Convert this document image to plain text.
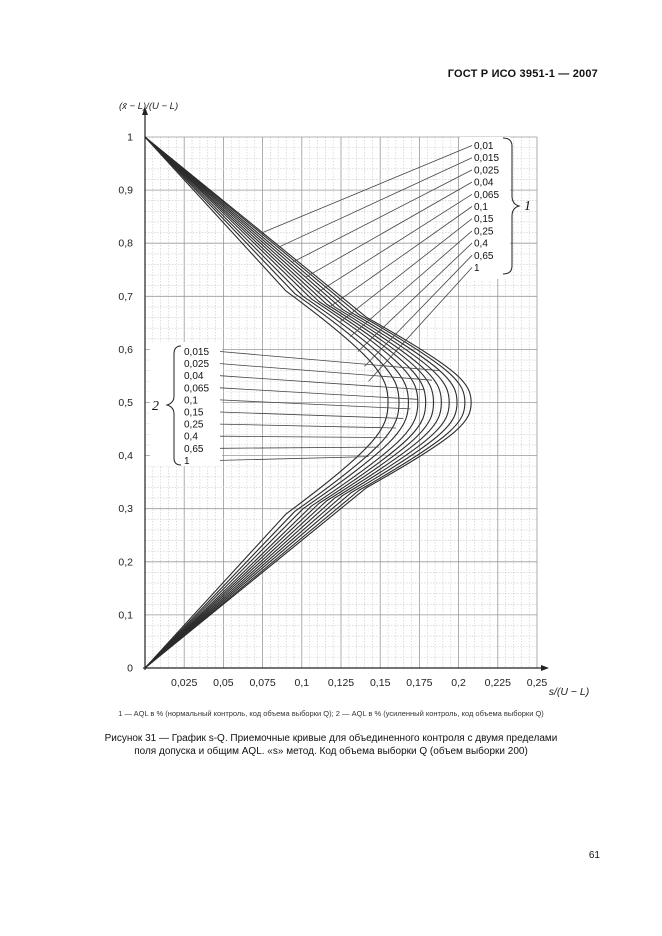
ГОСТ Р ИСО 3951-1 — 2007
0
0,1
0,2
0,3
0,4
0,5
0,6
0,7
0,8
0,9
1
0,025 0,05 0,075 0,1 0,125 0,15 0,175 0,2 0,225 0,25
(x̄ − L)/(U − L)
s/(U − L)
0,01
0,015
0,025
0,04
0,065
0,1
0,15
0,25
0,4
0,65
1
1
0,015
0,025
0,04
0,065
0,1
0,15
0,25
0,4
0,65
1
2
1 — AQL в % (нормальный контроль, код объема выборки Q); 2 — AQL в % (усиленный контроль, код объема выборки Q)
Рисунок 31 — График s-Q. Приемочные кривые для объединенного контроля с двумя пределами
поля допуска и общим AQL. «s» метод. Код объема выборки Q (объем выборки 200)
61
